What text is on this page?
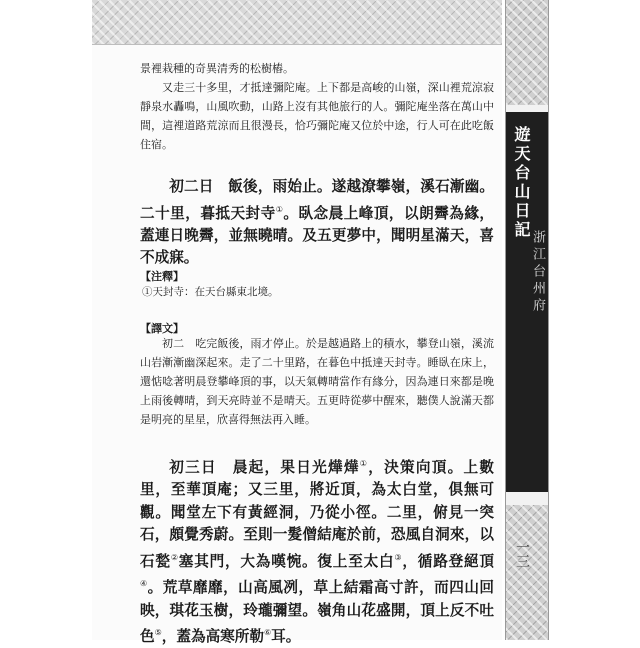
遊天台山日記
浙江台州府
一三

景裡栽種的奇異清秀的松樹樁。

又走三十多里，才抵達彌陀庵。上下都是高峻的山嶺，深山裡荒涼寂靜泉水轟鳴，山風吹動，山路上沒有其他旅行的人。彌陀庵坐落在萬山中間，這裡道路荒涼而且很漫長，恰巧彌陀庵又位於中途，行人可在此吃飯住宿。

初二日　飯後，雨始止。遂越潦攀嶺，溪石漸幽。二十里，暮抵天封寺①。臥念晨上峰頂，以朗霽為緣，蓋連日晚霽，並無曉晴。及五更夢中，聞明星滿天，喜不成寐。

【注釋】
①天封寺：在天台縣東北境。
【譯文】

初二　吃完飯後，雨才停止。於是越過路上的積水，攀登山嶺，溪流山岩漸漸幽深起來。走了二十里路，在暮色中抵達天封寺。睡臥在床上，還惦唸著明晨登攀峰頂的事，以天氣轉晴當作有緣分，因為連日來都是晚上雨後轉晴，到天亮時並不是晴天。五更時從夢中醒來，聽僕人說滿天都是明亮的星星，欣喜得無法再入睡。

初三日　晨起，果日光燁燁①，決策向頂。上數里，至華頂庵；又三里，將近頂，為太白堂，俱無可觀。聞堂左下有黃經洞，乃從小徑。二里，俯見一突石，頗覺秀蔚。至則一髮僧結庵於前，恐風自洞來，以石甃②塞其門，大為嘆惋。復上至太白③，循路登絕頂④。荒草靡靡，山高風冽，草上結霜高寸許，而四山回映，琪花玉樹，玲瓏彌望。嶺角山花盛開，頂上反不吐色⑤，蓋為高寒所勒⑥耳。
